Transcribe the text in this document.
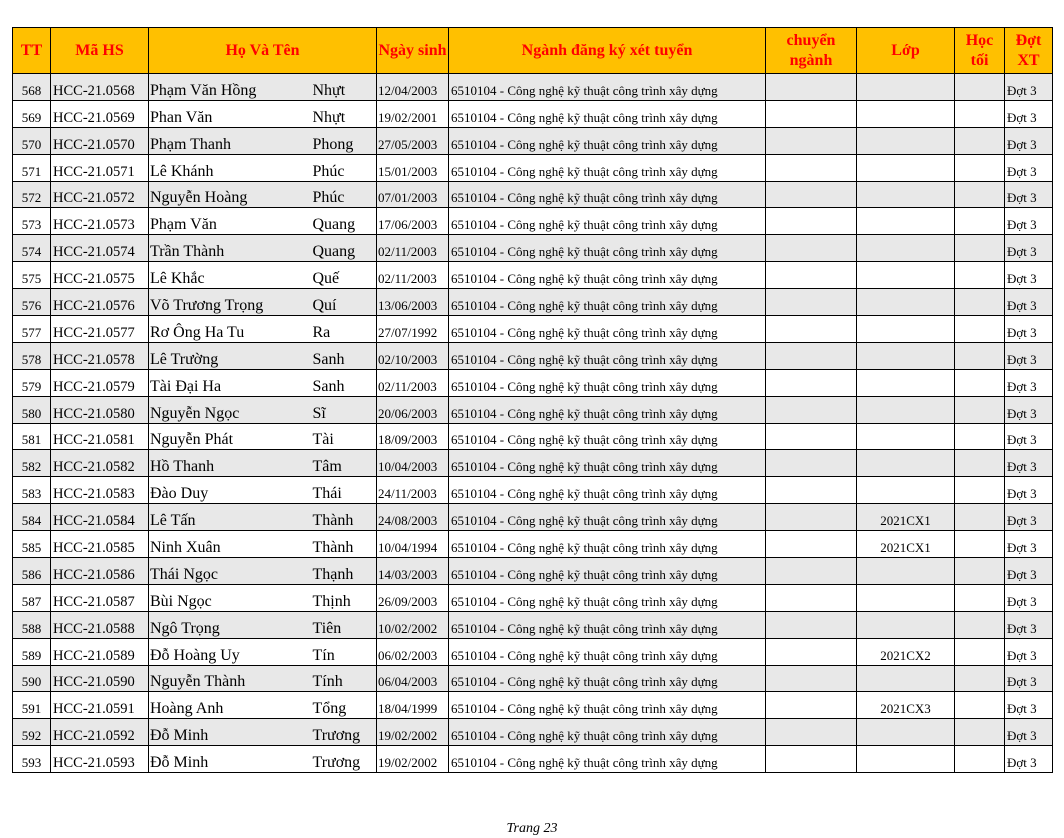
TT	Mã HS	Họ Và Tên		Ngày sinh	Ngành đăng ký xét tuyển	chuyển ngành	Lớp	Học tối	Đợt XT
568	HCC-21.0568	Phạm Văn Hồng	Nhựt	12/04/2003	6510104 - Công nghệ kỹ thuật công trình xây dựng				Đợt 3
569	HCC-21.0569	Phan Văn	Nhựt	19/02/2001	6510104 - Công nghệ kỹ thuật công trình xây dựng				Đợt 3
570	HCC-21.0570	Phạm Thanh	Phong	27/05/2003	6510104 - Công nghệ kỹ thuật công trình xây dựng				Đợt 3
571	HCC-21.0571	Lê Khánh	Phúc	15/01/2003	6510104 - Công nghệ kỹ thuật công trình xây dựng				Đợt 3
572	HCC-21.0572	Nguyễn Hoàng	Phúc	07/01/2003	6510104 - Công nghệ kỹ thuật công trình xây dựng				Đợt 3
573	HCC-21.0573	Phạm Văn	Quang	17/06/2003	6510104 - Công nghệ kỹ thuật công trình xây dựng				Đợt 3
574	HCC-21.0574	Trần Thành	Quang	02/11/2003	6510104 - Công nghệ kỹ thuật công trình xây dựng				Đợt 3
575	HCC-21.0575	Lê Khắc	Quế	02/11/2003	6510104 - Công nghệ kỹ thuật công trình xây dựng				Đợt 3
576	HCC-21.0576	Võ Trương Trọng	Quí	13/06/2003	6510104 - Công nghệ kỹ thuật công trình xây dựng				Đợt 3
577	HCC-21.0577	Rơ Ông Ha Tu	Ra	27/07/1992	6510104 - Công nghệ kỹ thuật công trình xây dựng				Đợt 3
578	HCC-21.0578	Lê Trường	Sanh	02/10/2003	6510104 - Công nghệ kỹ thuật công trình xây dựng				Đợt 3
579	HCC-21.0579	Tài Đại Ha	Sanh	02/11/2003	6510104 - Công nghệ kỹ thuật công trình xây dựng				Đợt 3
580	HCC-21.0580	Nguyễn Ngọc	Sĩ	20/06/2003	6510104 - Công nghệ kỹ thuật công trình xây dựng				Đợt 3
581	HCC-21.0581	Nguyễn Phát	Tài	18/09/2003	6510104 - Công nghệ kỹ thuật công trình xây dựng				Đợt 3
582	HCC-21.0582	Hồ Thanh	Tâm	10/04/2003	6510104 - Công nghệ kỹ thuật công trình xây dựng				Đợt 3
583	HCC-21.0583	Đào Duy	Thái	24/11/2003	6510104 - Công nghệ kỹ thuật công trình xây dựng				Đợt 3
584	HCC-21.0584	Lê Tấn	Thành	24/08/2003	6510104 - Công nghệ kỹ thuật công trình xây dựng		2021CX1		Đợt 3
585	HCC-21.0585	Ninh Xuân	Thành	10/04/1994	6510104 - Công nghệ kỹ thuật công trình xây dựng		2021CX1		Đợt 3
586	HCC-21.0586	Thái Ngọc	Thạnh	14/03/2003	6510104 - Công nghệ kỹ thuật công trình xây dựng				Đợt 3
587	HCC-21.0587	Bùi Ngọc	Thịnh	26/09/2003	6510104 - Công nghệ kỹ thuật công trình xây dựng				Đợt 3
588	HCC-21.0588	Ngô Trọng	Tiên	10/02/2002	6510104 - Công nghệ kỹ thuật công trình xây dựng				Đợt 3
589	HCC-21.0589	Đỗ Hoàng Uy	Tín	06/02/2003	6510104 - Công nghệ kỹ thuật công trình xây dựng		2021CX2		Đợt 3
590	HCC-21.0590	Nguyễn Thành	Tính	06/04/2003	6510104 - Công nghệ kỹ thuật công trình xây dựng				Đợt 3
591	HCC-21.0591	Hoàng Anh	Tổng	18/04/1999	6510104 - Công nghệ kỹ thuật công trình xây dựng		2021CX3		Đợt 3
592	HCC-21.0592	Đỗ Minh	Trương	19/02/2002	6510104 - Công nghệ kỹ thuật công trình xây dựng				Đợt 3
593	HCC-21.0593	Đỗ Minh	Trương	19/02/2002	6510104 - Công nghệ kỹ thuật công trình xây dựng				Đợt 3
Trang 23
